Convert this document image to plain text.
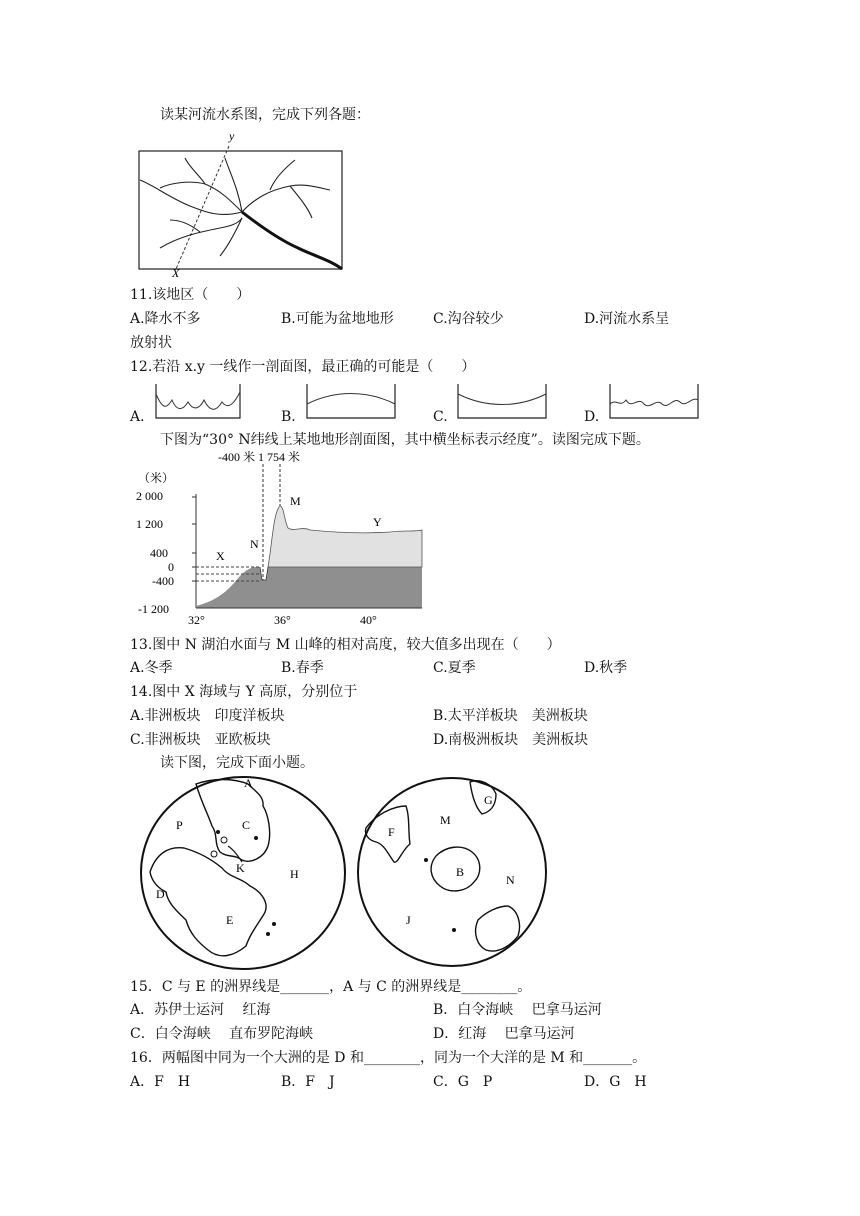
读某河流水系图，完成下列各题：
y
X
11.该地区（　　）
A.降水不多	B.可能为盆地地形	C.沟谷较少	D.河流水系呈
放射状
12.若沿 x.y 一线作一剖面图，最正确的可能是（　　）
A.	B.	C.	D.
下图为“30° N纬线上某地地形剖面图，其中横坐标表示经度”。读图完成下题。
-400 米 1 754 米
（米）
2 000
1 200
400
0
-400
-1 200
32°	36°	40°
X
N
M
Y
13.图中 N 湖泊水面与 M 山峰的相对高度，较大值多出现在（　　）
A.冬季	B.春季	C.夏季	D.秋季
14.图中 X 海域与 Y 高原，分别位于
A.非洲板块　印度洋板块	B.太平洋板块　美洲板块
C.非洲板块　亚欧板块	D.南极洲板块　美洲板块
读下图，完成下面小题。
A
P	C
K	H
D
E
G
M
F
B
N
J
15．C 与 E 的洲界线是_______，A 与 C 的洲界线是________。
A．苏伊士运河　 红海	B．白令海峡　 巴拿马运河
C．白令海峡　 直布罗陀海峡	D．红海　 巴拿马运河
16．两幅图中同为一个大洲的是 D 和________，同为一个大洋的是 M 和_______。
A．F　H	B．F　J	C．G　P	D．G　H
